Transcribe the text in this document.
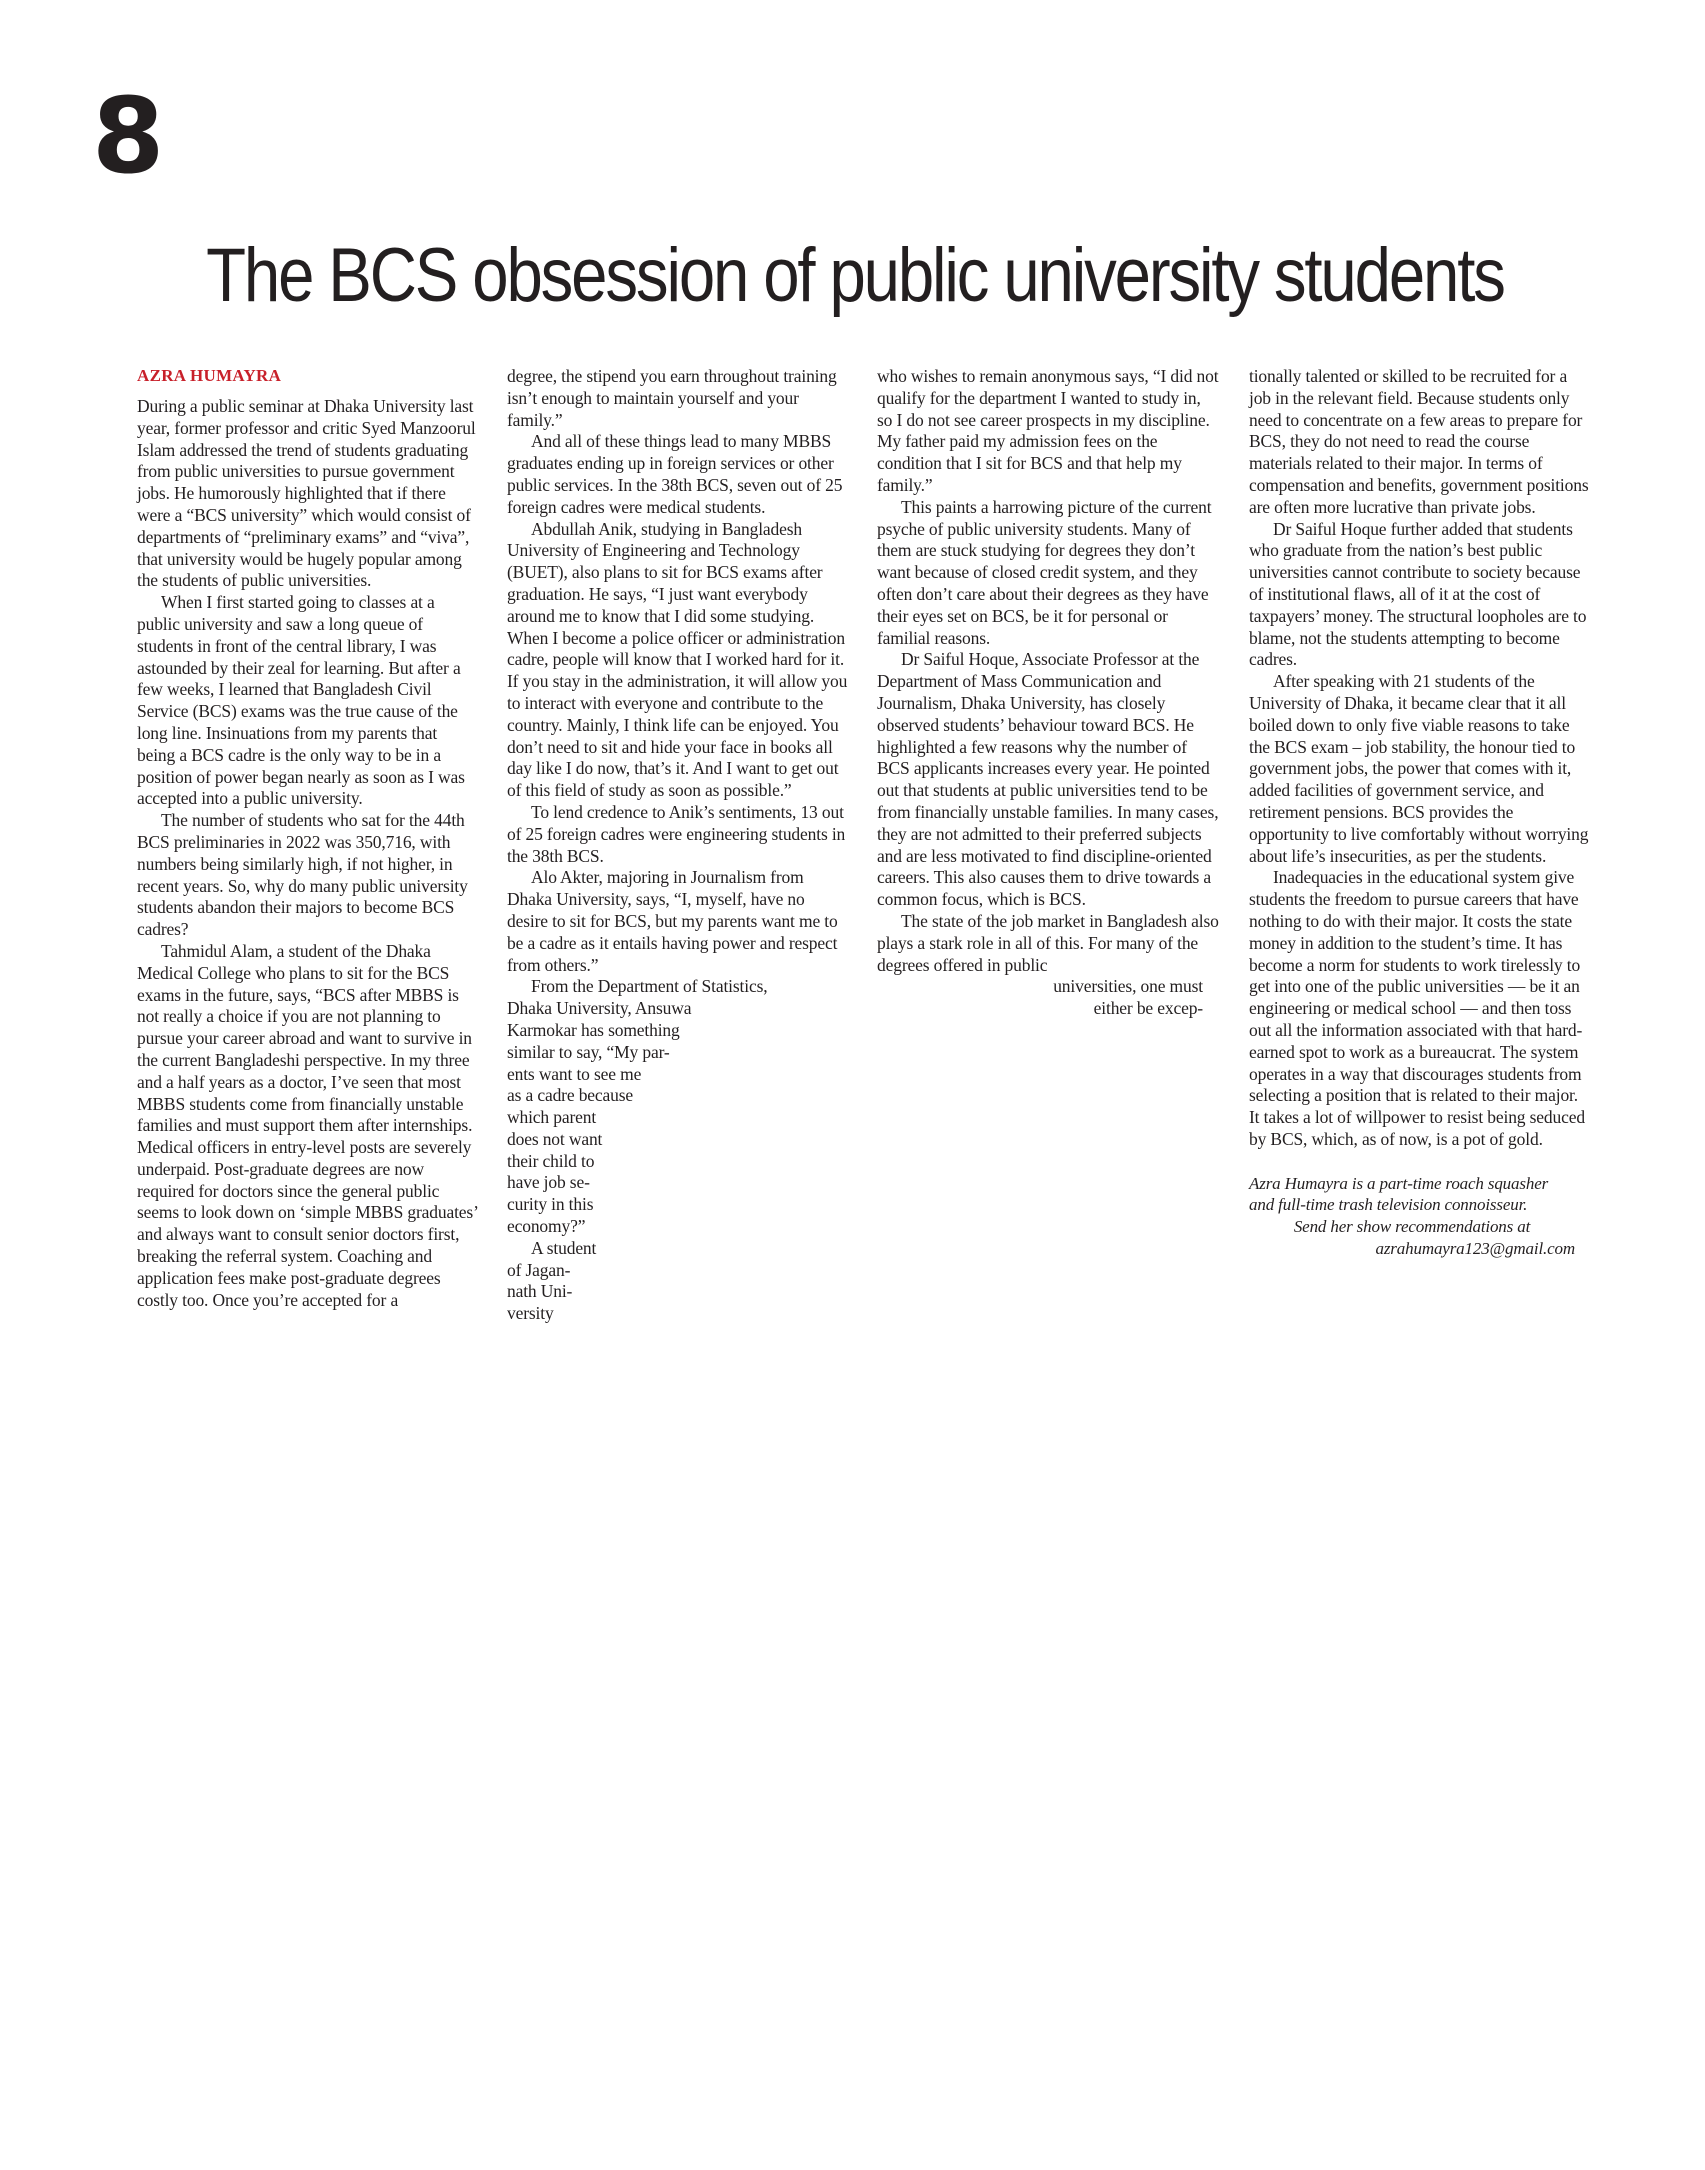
8
The BCS obsession of public university students
AZRA HUMAYRA

During a public seminar at Dhaka University last year, former professor and critic Syed Manzoorul Islam addressed the trend of students graduating from public universities to pursue government jobs. He humorously highlighted that if there were a “BCS university” which would consist of departments of “preliminary exams” and “viva”, that university would be hugely popular among the students of public universities.

When I first started going to classes at a public university and saw a long queue of students in front of the central library, I was astounded by their zeal for learning. But after a few weeks, I learned that Bangladesh Civil Service (BCS) exams was the true cause of the long line. Insinuations from my parents that being a BCS cadre is the only way to be in a position of power began nearly as soon as I was accepted into a public university.

The number of students who sat for the 44th BCS preliminaries in 2022 was 350,716, with numbers being similarly high, if not higher, in recent years. So, why do many public university students abandon their majors to become BCS cadres?

Tahmidul Alam, a student of the Dhaka Medical College who plans to sit for the BCS exams in the future, says, “BCS after MBBS is not really a choice if you are not planning to pursue your career abroad and want to survive in the current Bangladeshi perspective. In my three and a half years as a doctor, I’ve seen that most MBBS students come from financially unstable families and must support them after internships. Medical officers in entry-level posts are severely underpaid. Post-graduate degrees are now required for doctors since the general public seems to look down on ‘simple MBBS graduates’ and always want to consult senior doctors first, breaking the referral system. Coaching and application fees make post-graduate degrees costly too. Once you’re accepted for a

degree, the stipend you earn throughout training isn’t enough to maintain yourself and your family.”

And all of these things lead to many MBBS graduates ending up in foreign services or other public services. In the 38th BCS, seven out of 25 foreign cadres were medical students.

Abdullah Anik, studying in Bangladesh University of Engineering and Technology (BUET), also plans to sit for BCS exams after graduation. He says, “I just want everybody around me to know that I did some studying. When I become a police officer or administration cadre, people will know that I worked hard for it. If you stay in the administration, it will allow you to interact with everyone and contribute to the country. Mainly, I think life can be enjoyed. You don’t need to sit and hide your face in books all day like I do now, that’s it. And I want to get out of this field of study as soon as possible.”

To lend credence to Anik’s sentiments, 13 out of 25 foreign cadres were engineering students in the 38th BCS.

Alo Akter, majoring in Journalism from Dhaka University, says, “I, myself, have no desire to sit for BCS, but my parents want me to be a cadre as it entails having power and respect from others.”

From the Department of Statistics,

Dhaka University, Ansuwa
Karmokar has something
similar to say, “My par-
ents want to see me
as a cadre because
which parent
does not want
their child to
have job se-
curity in this
economy?”
A student
of Jagan-
nath Uni-
versity

who wishes to remain anonymous says, “I did not qualify for the department I wanted to study in, so I do not see career prospects in my discipline. My father paid my admission fees on the condition that I sit for BCS and that help my family.”

This paints a harrowing picture of the current psyche of public university students. Many of them are stuck studying for degrees they don’t want because of closed credit system, and they often don’t care about their degrees as they have their eyes set on BCS, be it for personal or familial reasons.

Dr Saiful Hoque, Associate Professor at the Department of Mass Communication and Journalism, Dhaka University, has closely observed students’ behaviour toward BCS. He highlighted a few reasons why the number of BCS applicants increases every year. He pointed out that students at public universities tend to be from financially unstable families. In many cases, they are not admitted to their preferred subjects and are less motivated to find discipline-oriented careers. This also causes them to drive towards a common focus, which is BCS.

The state of the job market in Bangladesh also plays a stark role in all of this. For many of the degrees offered in public

universities, one must
either be excep-

tionally talented or skilled to be recruited for a job in the relevant field. Because students only need to concentrate on a few areas to prepare for BCS, they do not need to read the course materials related to their major. In terms of compensation and benefits, government positions are often more lucrative than private jobs.

Dr Saiful Hoque further added that students who graduate from the nation’s best public universities cannot contribute to society because of institutional flaws, all of it at the cost of taxpayers’ money. The structural loopholes are to blame, not the students attempting to become cadres.

After speaking with 21 students of the University of Dhaka, it became clear that it all boiled down to only five viable reasons to take the BCS exam – job stability, the honour tied to government jobs, the power that comes with it, added facilities of government service, and retirement pensions. BCS provides the opportunity to live comfortably without worrying about life’s insecurities, as per the students.

Inadequacies in the educational system give students the freedom to pursue careers that have nothing to do with their major. It costs the state money in addition to the student’s time. It has become a norm for students to work tirelessly to get into one of the public universities — be it an engineering or medical school — and then toss out all the information associated with that hard-earned spot to work as a bureaucrat. The system operates in a way that discourages students from selecting a position that is related to their major. It takes a lot of willpower to resist being seduced by BCS, which, as of now, is a pot of gold.

Azra Humayra is a part-time roach squasher

and full-time trash television connoisseur.

Send her show recommendations at

azrahumayra123@gmail.com
